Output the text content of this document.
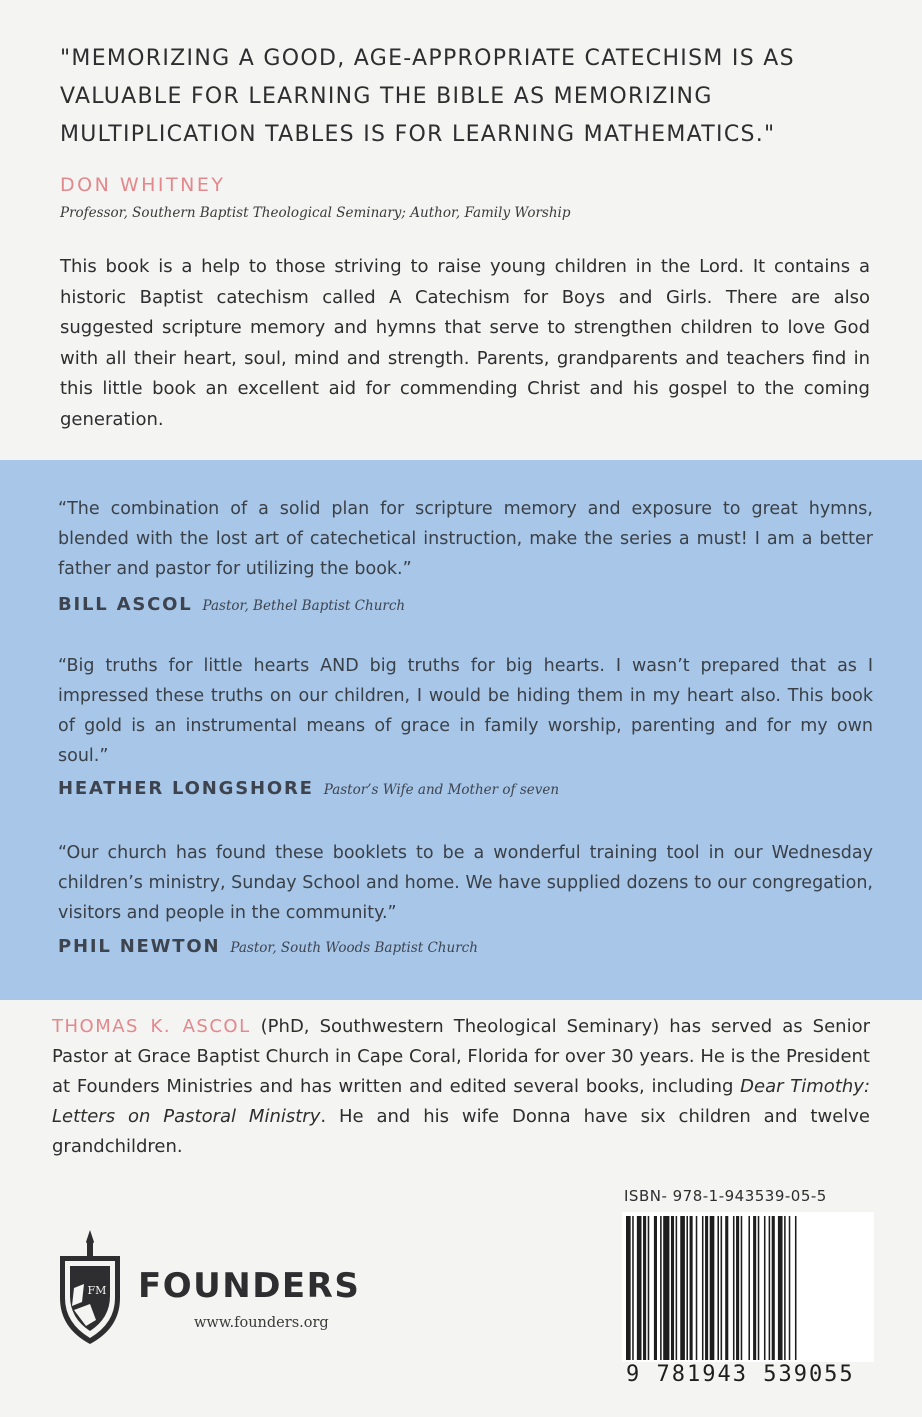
"MEMORIZING A GOOD, AGE-APPROPRIATE CATECHISM IS AS VALUABLE FOR LEARNING THE BIBLE AS MEMORIZING MULTIPLICATION TABLES IS FOR LEARNING MATHEMATICS."
DON WHITNEY
Professor, Southern Baptist Theological Seminary; Author, Family Worship
This book is a help to those striving to raise young children in the Lord. It contains a historic Baptist catechism called A Catechism for Boys and Girls. There are also suggested scripture memory and hymns that serve to strengthen children to love God with all their heart, soul, mind and strength. Parents, grandparents and teachers find in this little book an excellent aid for commending Christ and his gospel to the coming generation.
“The combination of a solid plan for scripture memory and exposure to great hymns, blended with the lost art of catechetical instruction, make the series a must! I am a better father and pastor for utilizing the book.”
BILL ASCOL Pastor, Bethel Baptist Church
“Big truths for little hearts AND big truths for big hearts. I wasn’t prepared that as I impressed these truths on our children, I would be hiding them in my heart also. This book of gold is an instrumental means of grace in family worship, parenting and for my own soul.”
HEATHER LONGSHORE Pastor’s Wife and Mother of seven
“Our church has found these booklets to be a wonderful training tool in our Wednesday children’s ministry, Sunday School and home. We have supplied dozens to our congregation, visitors and people in the community.”
PHIL NEWTON Pastor, South Woods Baptist Church
THOMAS K. ASCOL (PhD, Southwestern Theological Seminary) has served as Senior Pastor at Grace Baptist Church in Cape Coral, Florida for over 30 years. He is the President at Founders Ministries and has written and edited several books, including Dear Timothy: Letters on Pastoral Ministry. He and his wife Donna have six children and twelve grandchildren.
FM FOUNDERS
www.founders.org
ISBN- 978-1-943539-05-5
9 781943 539055
